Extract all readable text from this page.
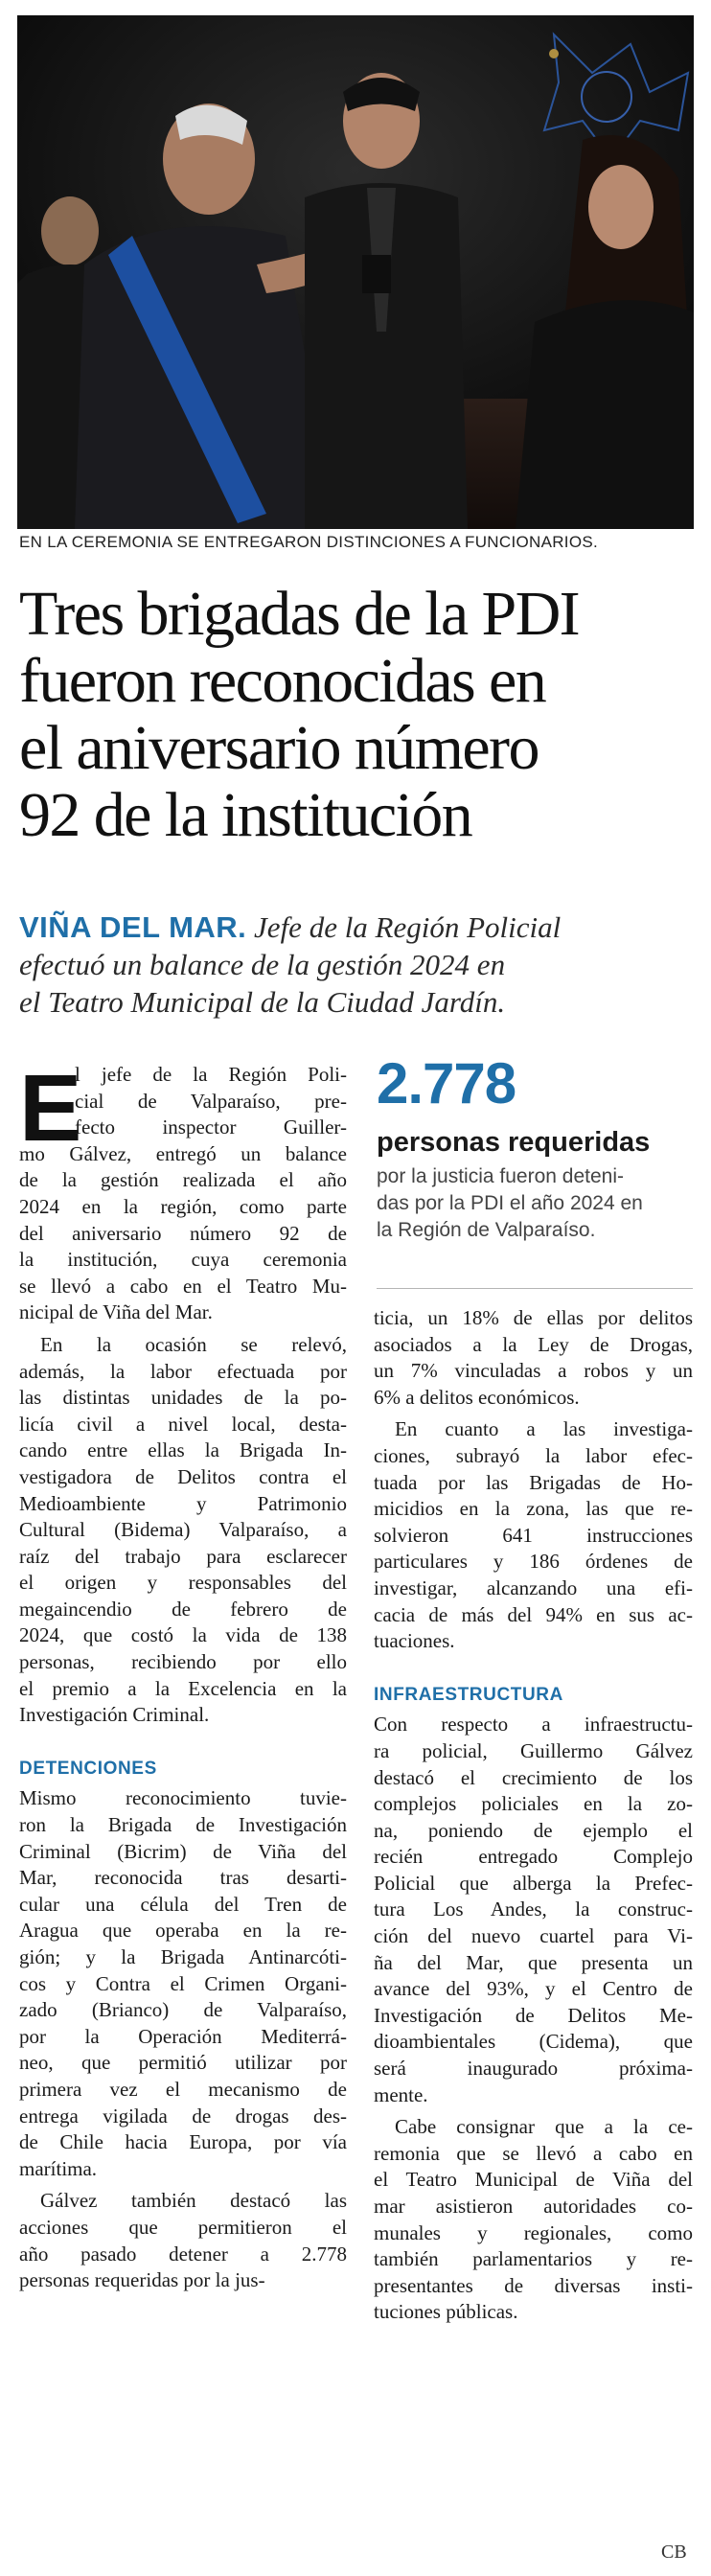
EN LA CEREMONIA SE ENTREGARON DISTINCIONES A FUNCIONARIOS.
Tres brigadas de la PDI
fueron reconocidas en
el aniversario número
92 de la institución
VIÑA DEL MAR. Jefe de la Región Policial
efectuó un balance de la gestión 2024 en
el Teatro Municipal de la Ciudad Jardín.
E
l jefe de la Región Poli-
cial de Valparaíso, pre-
fecto inspector Guiller-
mo Gálvez, entregó un balance
de la gestión realizada el año
2024 en la región, como parte
del aniversario número 92 de
la institución, cuya ceremonia
se llevó a cabo en el Teatro Mu-
nicipal de Viña del Mar.
En la ocasión se relevó,
además, la labor efectuada por
las distintas unidades de la po-
licía civil a nivel local, desta-
cando entre ellas la Brigada In-
vestigadora de Delitos contra el
Medioambiente y Patrimonio
Cultural (Bidema) Valparaíso, a
raíz del trabajo para esclarecer
el origen y responsables del
megaincendio de febrero de
2024, que costó la vida de 138
personas, recibiendo por ello
el premio a la Excelencia en la
Investigación Criminal.
DETENCIONES
Mismo reconocimiento tuvie-
ron la Brigada de Investigación
Criminal (Bicrim) de Viña del
Mar, reconocida tras desarti-
cular una célula del Tren de
Aragua que operaba en la re-
gión; y la Brigada Antinarcóti-
cos y Contra el Crimen Organi-
zado (Brianco) de Valparaíso,
por la Operación Mediterrá-
neo, que permitió utilizar por
primera vez el mecanismo de
entrega vigilada de drogas des-
de Chile hacia Europa, por vía
marítima.
Gálvez también destacó las
acciones que permitieron el
año pasado detener a 2.778
personas requeridas por la jus-
2.778
personas requeridas
por la justicia fueron deteni-
das por la PDI el año 2024 en
la Región de Valparaíso.
ticia, un 18% de ellas por delitos
asociados a la Ley de Drogas,
un 7% vinculadas a robos y un
6% a delitos económicos.
En cuanto a las investiga-
ciones, subrayó la labor efec-
tuada por las Brigadas de Ho-
micidios en la zona, las que re-
solvieron 641 instrucciones
particulares y 186 órdenes de
investigar, alcanzando una efi-
cacia de más del 94% en sus ac-
tuaciones.
INFRAESTRUCTURA
Con respecto a infraestructu-
ra policial, Guillermo Gálvez
destacó el crecimiento de los
complejos policiales en la zo-
na, poniendo de ejemplo el
recién entregado Complejo
Policial que alberga la Prefec-
tura Los Andes, la construc-
ción del nuevo cuartel para Vi-
ña del Mar, que presenta un
avance del 93%, y el Centro de
Investigación de Delitos Me-
dioambientales (Cidema), que
será inaugurado próxima-
mente.
Cabe consignar que a la ce-
remonia que se llevó a cabo en
el Teatro Municipal de Viña del
mar asistieron autoridades co-
munales y regionales, como
también parlamentarios y re-
presentantes de diversas insti-
tuciones públicas.
CB
